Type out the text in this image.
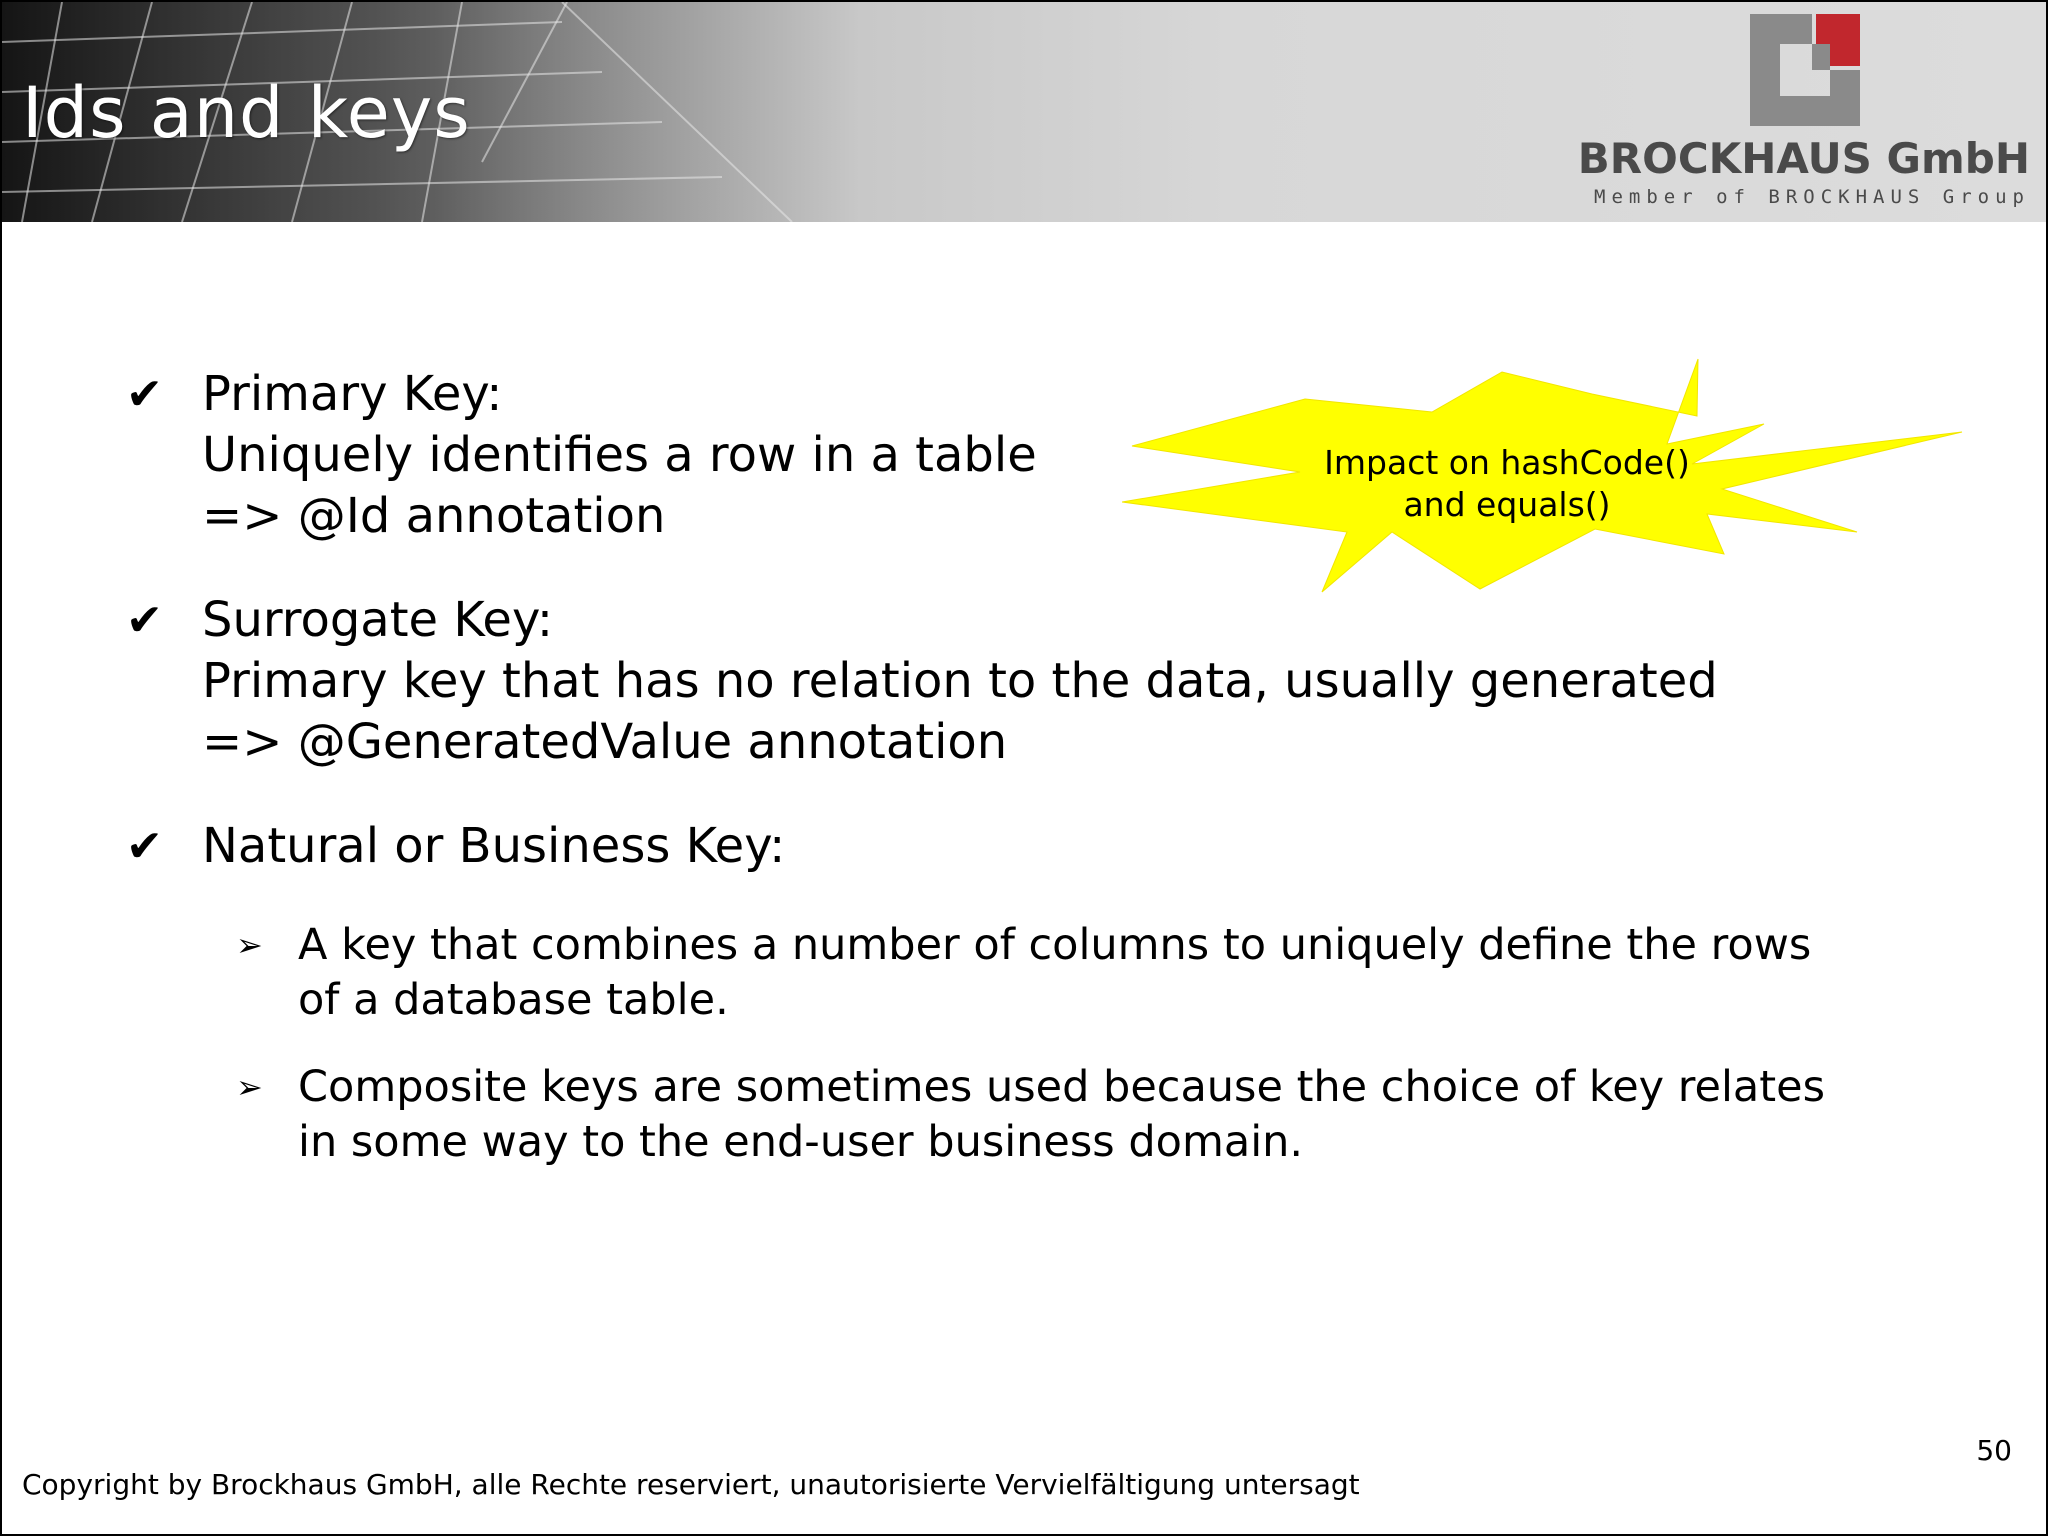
Ids and keys
BROCKHAUS GmbH
Member of BROCKHAUS Group
✔ Primary Key:
Uniquely identifies a row in a table
=> @Id annotation
✔ Surrogate Key:
Primary key that has no relation to the data, usually generated
=> @GeneratedValue annotation
✔ Natural or Business Key:
➢ A key that combines a number of columns to uniquely define the rows
of a database table.
➢ Composite keys are sometimes used because the choice of key relates
in some way to the end-user business domain.
Impact on hashCode()
and equals()
50
Copyright by Brockhaus GmbH, alle Rechte reserviert, unautorisierte Vervielfältigung untersagt
